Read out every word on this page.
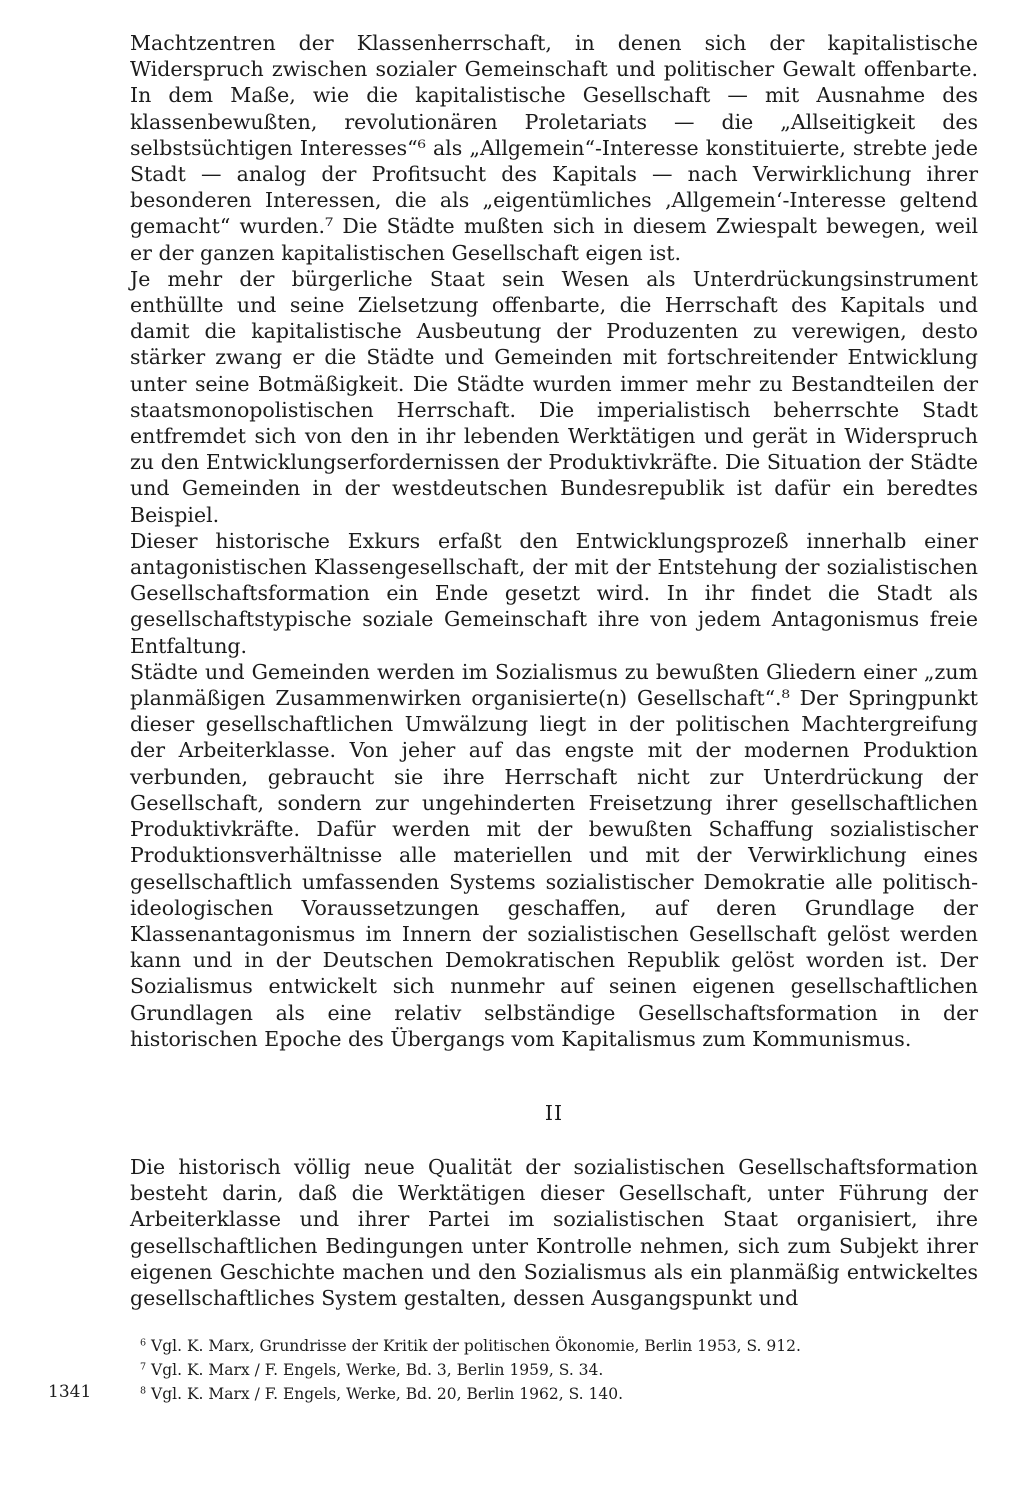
Machtzentren der Klassenherrschaft, in denen sich der kapitalistische Widerspruch zwischen sozialer Gemeinschaft und politischer Gewalt offenbarte. In dem Maße, wie die kapitalistische Gesellschaft — mit Ausnahme des klassenbewußten, revolutionären Proletariats — die „Allseitigkeit des selbstsüchtigen Interesses“⁶ als „Allgemein“-Interesse konstituierte, strebte jede Stadt — analog der Profitsucht des Kapitals — nach Verwirklichung ihrer besonderen Interessen, die als „eigentümliches ‚Allgemein‘-Interesse geltend gemacht“ wurden.⁷ Die Städte mußten sich in diesem Zwiespalt bewegen, weil er der ganzen kapitalistischen Gesellschaft eigen ist.

Je mehr der bürgerliche Staat sein Wesen als Unterdrückungsinstrument enthüllte und seine Zielsetzung offenbarte, die Herrschaft des Kapitals und damit die kapitalistische Ausbeutung der Produzenten zu verewigen, desto stärker zwang er die Städte und Gemeinden mit fortschreitender Entwicklung unter seine Botmäßigkeit. Die Städte wurden immer mehr zu Bestandteilen der staatsmonopolistischen Herrschaft. Die imperialistisch beherrschte Stadt entfremdet sich von den in ihr lebenden Werktätigen und gerät in Widerspruch zu den Entwicklungserfordernissen der Produktivkräfte. Die Situation der Städte und Gemeinden in der westdeutschen Bundesrepublik ist dafür ein beredtes Beispiel.

Dieser historische Exkurs erfaßt den Entwicklungsprozeß innerhalb einer antagonistischen Klassengesellschaft, der mit der Entstehung der sozialistischen Gesellschaftsformation ein Ende gesetzt wird. In ihr findet die Stadt als gesellschaftstypische soziale Gemeinschaft ihre von jedem Antagonismus freie Entfaltung.

Städte und Gemeinden werden im Sozialismus zu bewußten Gliedern einer „zum planmäßigen Zusammenwirken organisierte(n) Gesellschaft“.⁸ Der Springpunkt dieser gesellschaftlichen Umwälzung liegt in der politischen Machtergreifung der Arbeiterklasse. Von jeher auf das engste mit der modernen Produktion verbunden, gebraucht sie ihre Herrschaft nicht zur Unterdrückung der Gesellschaft, sondern zur ungehinderten Freisetzung ihrer gesellschaftlichen Produktivkräfte. Dafür werden mit der bewußten Schaffung sozialistischer Produktionsverhältnisse alle materiellen und mit der Verwirklichung eines gesellschaftlich umfassenden Systems sozialistischer Demokratie alle politisch-ideologischen Voraussetzungen geschaffen, auf deren Grundlage der Klassenantagonismus im Innern der sozialistischen Gesellschaft gelöst werden kann und in der Deutschen Demokratischen Republik gelöst worden ist. Der Sozialismus entwickelt sich nunmehr auf seinen eigenen gesellschaftlichen Grundlagen als eine relativ selbständige Gesellschaftsformation in der historischen Epoche des Übergangs vom Kapitalismus zum Kommunismus.

II

Die historisch völlig neue Qualität der sozialistischen Gesellschaftsformation besteht darin, daß die Werktätigen dieser Gesellschaft, unter Führung der Arbeiterklasse und ihrer Partei im sozialistischen Staat organisiert, ihre gesellschaftlichen Bedingungen unter Kontrolle nehmen, sich zum Subjekt ihrer eigenen Geschichte machen und den Sozialismus als ein planmäßig entwickeltes gesellschaftliches System gestalten, dessen Ausgangspunkt und

$^6$ Vgl. K. Marx, Grundrisse der Kritik der politischen Ökonomie, Berlin 1953, S. 912.

$^7$ Vgl. K. Marx / F. Engels, Werke, Bd. 3, Berlin 1959, S. 34.

$^8$ Vgl. K. Marx / F. Engels, Werke, Bd. 20, Berlin 1962, S. 140.

1341
